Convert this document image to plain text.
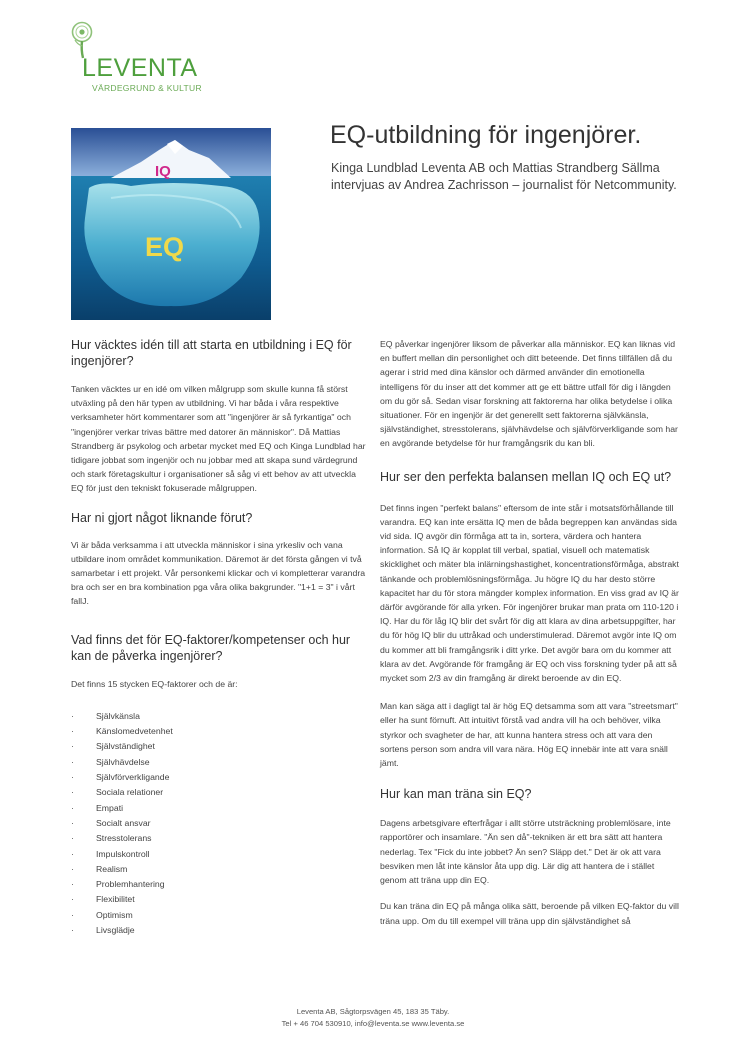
LEVENTA
VÄRDEGRUND & KULTUR
IQ
EQ
EQ-utbildning för ingenjörer.
Kinga Lundblad Leventa AB och Mattias Strandberg Sällma intervjuas av Andrea Zachrisson – journalist för Netcommunity.
Hur väcktes idén till att starta en utbildning i EQ för ingenjörer?

Tanken väcktes ur en idé om vilken målgrupp som skulle kunna få störst utväxling på den här typen av utbildning. Vi har båda i våra respektive verksamheter hört kommentarer som att "ingenjörer är så fyrkantiga" och "ingenjörer verkar trivas bättre med datorer än människor". Då Mattias Strandberg är psykolog och arbetar mycket med EQ och Kinga Lundblad har tidigare jobbat som ingenjör och nu jobbar med att skapa sund värdegrund och stark företagskultur i organisationer så såg vi ett behov av att utveckla EQ för just den tekniskt fokuserade målgruppen.

Har ni gjort något liknande förut?

Vi är båda verksamma i att utveckla människor i sina yrkesliv och vana utbildare inom området kommunikation. Däremot är det första gången vi två samarbetar i ett projekt. Vår personkemi klickar och vi kompletterar varandra bra och ser en bra kombination pga våra olika bakgrunder. "1+1 = 3" i vårt fallJ.

Vad finns det för EQ-faktorer/kompetenser och hur kan de påverka ingenjörer?

Det finns 15 stycken EQ-faktorer och de är:

·	Självkänsla
·	Känslomedvetenhet
·	Självständighet
·	Självhävdelse
·	Självförverkligande
·	Sociala relationer
·	Empati
·	Socialt ansvar
·	Stresstolerans
·	Impulskontroll
·	Realism
·	Problemhantering
·	Flexibilitet
·	Optimism
·	Livsglädje

EQ påverkar ingenjörer liksom de påverkar alla människor. EQ kan liknas vid en buffert mellan din personlighet och ditt beteende. Det finns tillfällen då du agerar i strid med dina känslor och därmed använder din emotionella intelligens för du inser att det kommer att ge ett bättre utfall för dig i längden om du gör så. Sedan visar forskning att faktorerna har olika betydelse i olika situationer. För en ingenjör är det generellt sett faktorerna självkänsla, självständighet, stresstolerans, självhävdelse och självförverkligande som har en avgörande betydelse för hur framgångsrik du kan bli.

Hur ser den perfekta balansen mellan IQ och EQ ut?

Det finns ingen "perfekt balans" eftersom de inte står i motsatsförhållande till varandra. EQ kan inte ersätta IQ men de båda begreppen kan användas sida vid sida. IQ avgör din förmåga att ta in, sortera, värdera och hantera information. Så IQ är kopplat till verbal, spatial, visuell och matematisk skicklighet och mäter bla inlärningshastighet, koncentrationsförmåga, abstrakt tänkande och problemlösningsförmåga. Ju högre IQ du har desto större kapacitet har du för stora mängder komplex information. En viss grad av IQ är därför avgörande för alla yrken. För ingenjörer brukar man prata om 110-120 i IQ. Har du för låg IQ blir det svårt för dig att klara av dina arbetsuppgifter, har du för hög IQ blir du uttråkad och understimulerad. Däremot avgör inte IQ om du kommer att bli framgångsrik i ditt yrke. Det avgör bara om du kommer att klara av det. Avgörande för framgång är EQ och viss forskning tyder på att så mycket som 2/3 av din framgång är direkt beroende av din EQ.

Man kan säga att i dagligt tal är hög EQ detsamma som att vara "streetsmart" eller ha sunt förnuft. Att intuitivt förstå vad andra vill ha och behöver, vilka styrkor och svagheter de har, att kunna hantera stress och att vara den sortens person som andra vill vara nära. Hög EQ innebär inte att vara snäll jämt.

Hur kan man träna sin EQ?

Dagens arbetsgivare efterfrågar i allt större utsträckning problemlösare, inte rapportörer och insamlare. "Än sen då"-tekniken är ett bra sätt att hantera nederlag. Tex "Fick du inte jobbet? Än sen? Släpp det." Det är ok att vara besviken men låt inte känslor åta upp dig. Lär dig att hantera de i stället genom att träna upp din EQ.

Du kan träna din EQ på många olika sätt, beroende på vilken EQ-faktor du vill träna upp. Om du till exempel vill träna upp din självständighet så

Leventa AB, Sågtorpsvägen 45, 183 35 Täby.
Tel + 46 704 530910, info@leventa.se www.leventa.se
